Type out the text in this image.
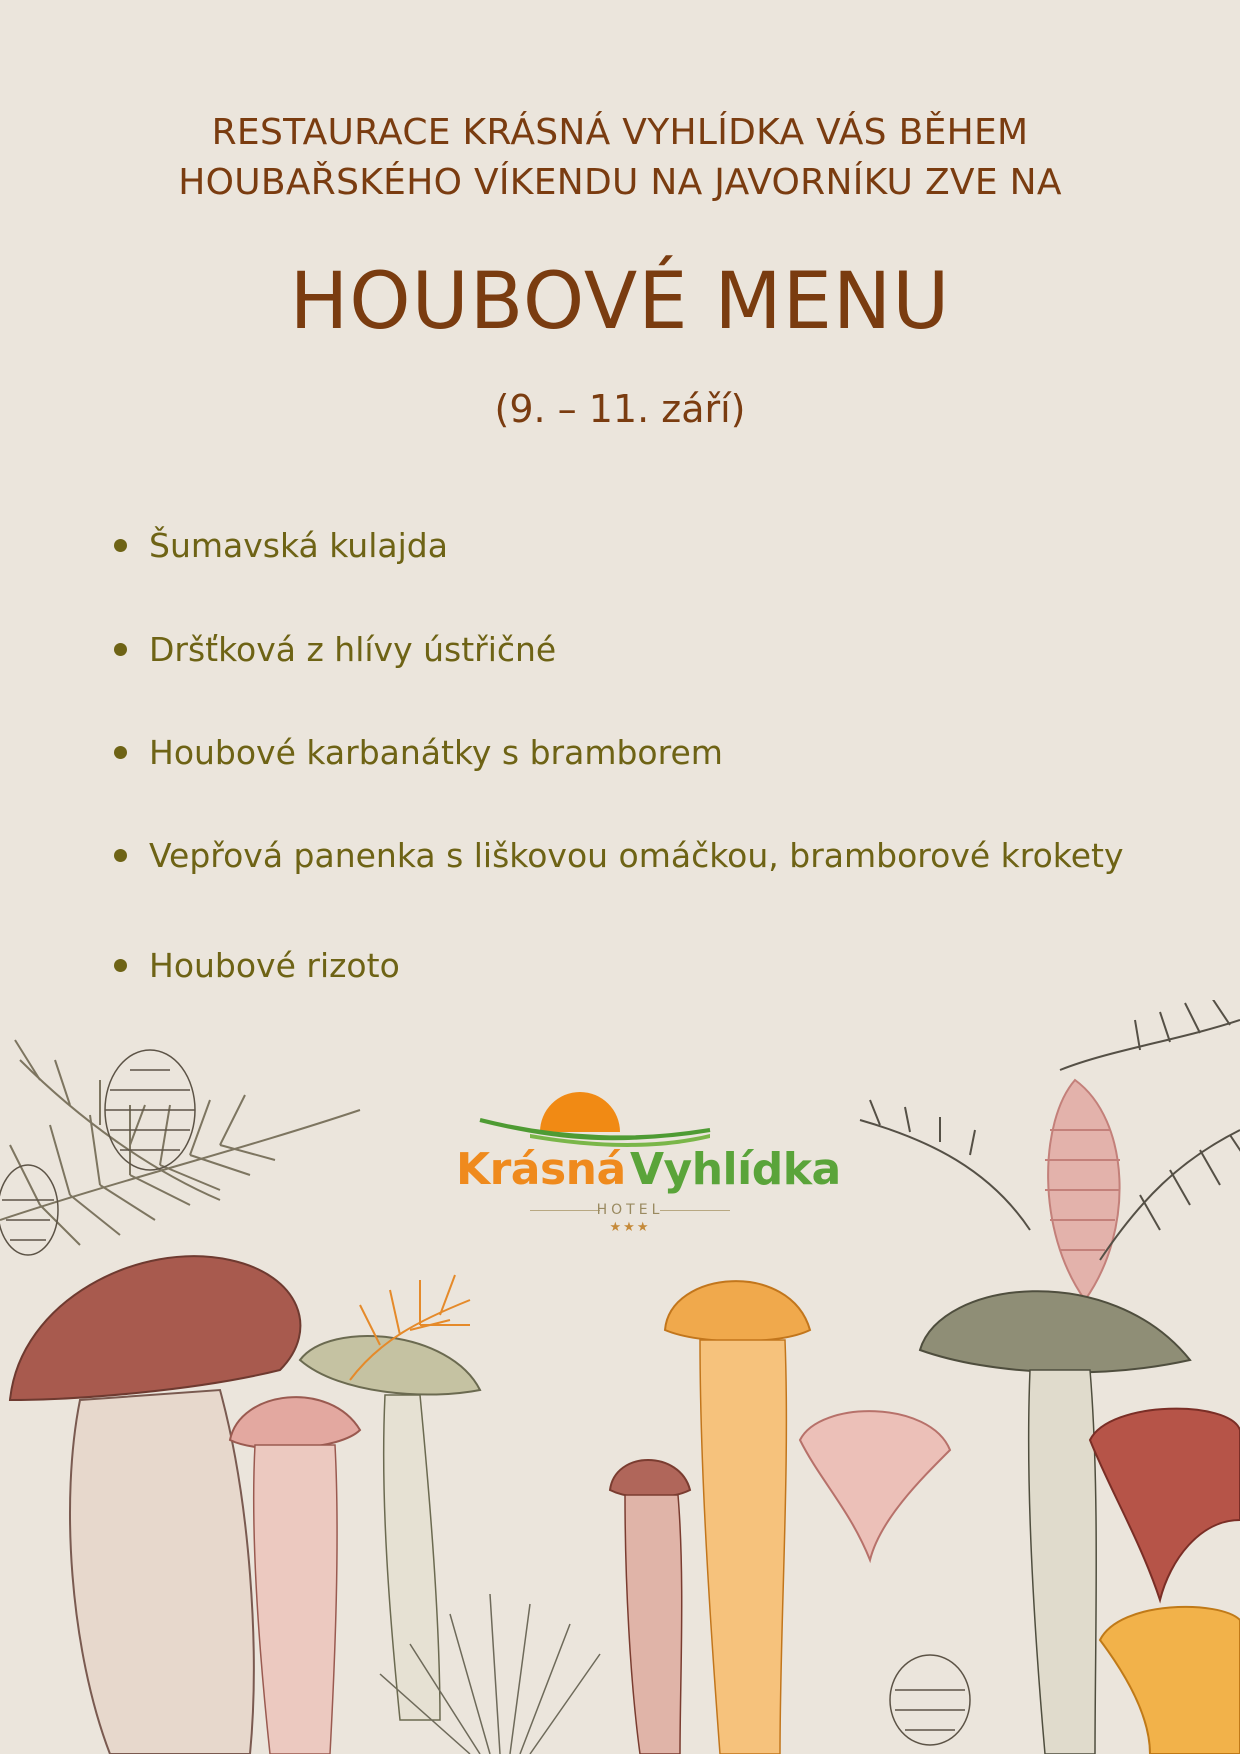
RESTAURACE KRÁSNÁ VYHLÍDKA VÁS BĚHEM
HOUBAŘSKÉHO VÍKENDU NA JAVORNÍKU ZVE NA
HOUBOVÉ MENU
(9. – 11. září)
Šumavská kulajda
Dršťková z hlívy ústřičné
Houbové karbanátky s bramborem
Vepřová panenka s liškovou omáčkou, bramborové krokety
Houbové rizoto
Krásná Vyhlídka
HOTEL
★★★
